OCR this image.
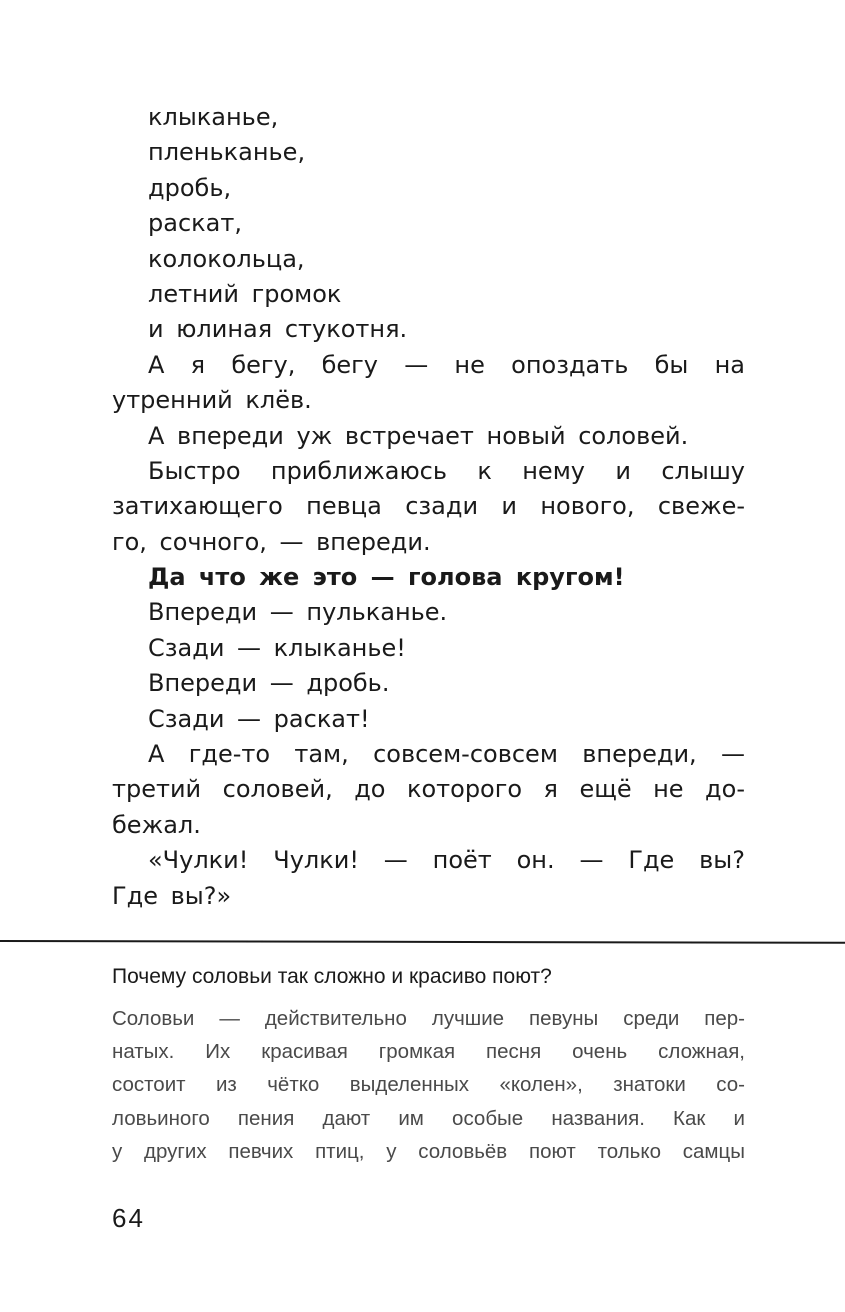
клыканье,
пленьканье,
дробь,
раскат,
колокольца,
летний громок
и юлиная стукотня.
А я бегу, бегу — не опоздать бы на
утренний клёв.
А впереди уж встречает новый соловей.
Быстро приближаюсь к нему и слышу
затихающего певца сзади и нового, свеже-
го, сочного, — впереди.
Да что же это — голова кругом!
Впереди — пульканье.
Сзади — клыканье!
Впереди — дробь.
Сзади — раскат!
А где-то там, совсем-совсем впереди, —
третий соловей, до которого я ещё не до-
бежал.
«Чулки! Чулки! — поёт он. — Где вы?
Где вы?»
Почему соловьи так сложно и красиво поют?
Соловьи — действительно лучшие певуны среди пер-
натых. Их красивая громкая песня очень сложная,
состоит из чётко выделенных «колен», знатоки со-
ловьиного пения дают им особые названия. Как и
у других певчих птиц, у соловьёв поют только самцы
64
